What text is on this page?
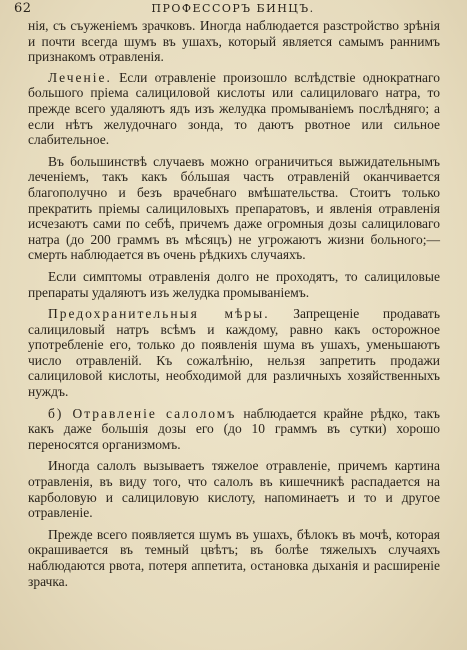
62	ПРОФЕССОРЪ БИНЦЪ.

нія, съ съуженіемъ зрачковъ. Иногда наблюдается разстройство зрѣнія и почти всегда шумъ въ ушахъ, который является самымъ раннимъ признакомъ отравленія.

Леченіе. Если отравленіе произошло вслѣдствіе однократнаго большого пріема салициловой кислоты или салициловаго натра, то прежде всего удаляютъ ядъ изъ желудка промываніемъ послѣдняго; а если нѣтъ желудочнаго зонда, то даютъ рвотное или сильное слабительное.

Въ большинствѣ случаевъ можно ограничиться выжидательнымъ леченіемъ, такъ какъ бóльшая часть отравленій оканчивается благополучно и безъ врачебнаго вмѣшательства. Стоитъ только прекратить пріемы салициловыхъ препаратовъ, и явленія отравленія исчезаютъ сами по себѣ, причемъ даже огромныя дозы салициловаго натра (до 200 граммъ въ мѣсяцъ) не угрожаютъ жизни больного;—смерть наблюдается въ очень рѣдкихъ случаяхъ.

Если симптомы отравленія долго не проходятъ, то салициловые препараты удаляютъ изъ желудка промываніемъ.

Предохранительныя мѣры. Запрещеніе продавать салициловый натръ всѣмъ и каждому, равно какъ осторожное употребленіе его, только до появленія шума въ ушахъ, уменьшаютъ число отравленій. Къ сожалѣнію, нельзя запретить продажи салициловой кислоты, необходимой для различныхъ хозяйственныхъ нуждъ.

б) Отравленіе салоломъ наблюдается крайне рѣдко, такъ какъ даже большія дозы его (до 10 граммъ въ сутки) хорошо переносятся организмомъ.

Иногда салолъ вызываетъ тяжелое отравленіе, причемъ картина отравленія, въ виду того, что салолъ въ кишечникѣ распадается на карболовую и салициловую кислоту, напоминаетъ и то и другое отравленіе.

Прежде всего появляется шумъ въ ушахъ, бѣлокъ въ мочѣ, которая окрашивается въ темный цвѣтъ; въ болѣе тяжелыхъ случаяхъ наблюдаются рвота, потеря аппетита, остановка дыханія и расширеніе зрачка.
